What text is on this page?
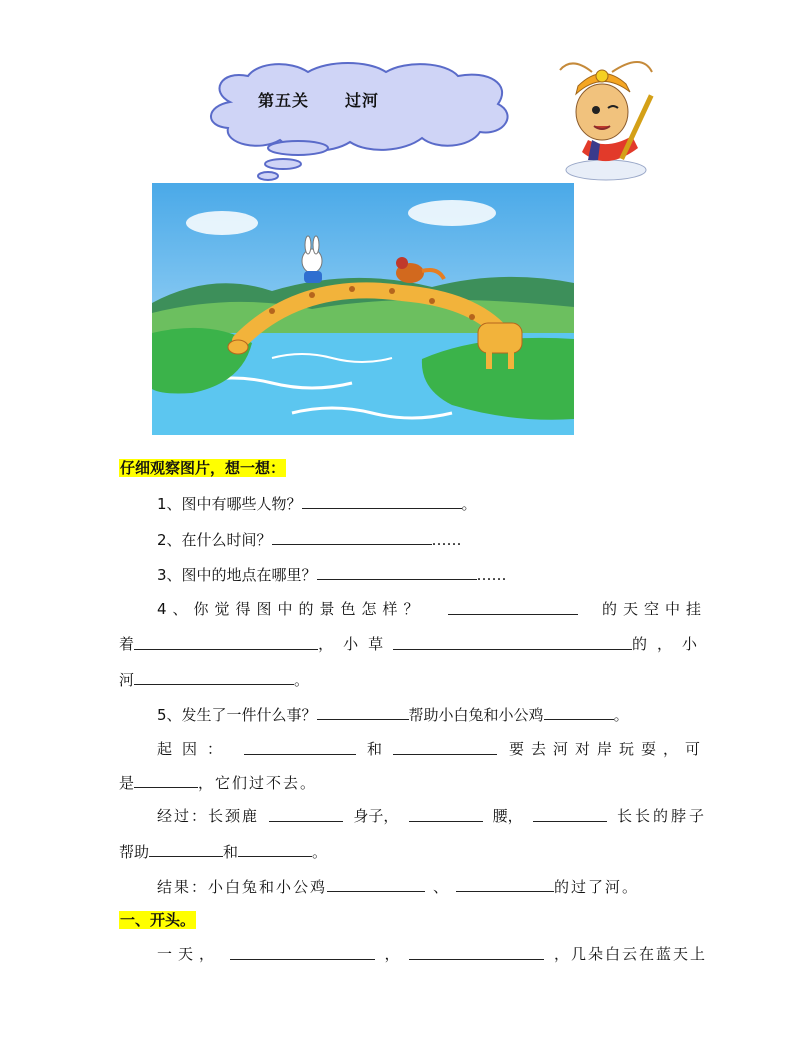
第五关 过河
仔细观察图片，想一想：
1、图中有哪些人物？	。
2、在什么时间？	……
3、图中的地点在哪里？	……
4、你觉得图中的景色怎样？	的天空中挂
着	，小草	的，小
河	。
5、发生了一件什么事？	帮助小白兔和小公鸡	。
起因：	和	要去河对岸玩耍，可
是	，它们过不去。
经过：长颈鹿	身子，	腰，	长长的脖子
帮助	和	。
结果：小白兔和小公鸡	、	的过了河。
一、开头。
一天，	，	，几朵白云在蓝天上
